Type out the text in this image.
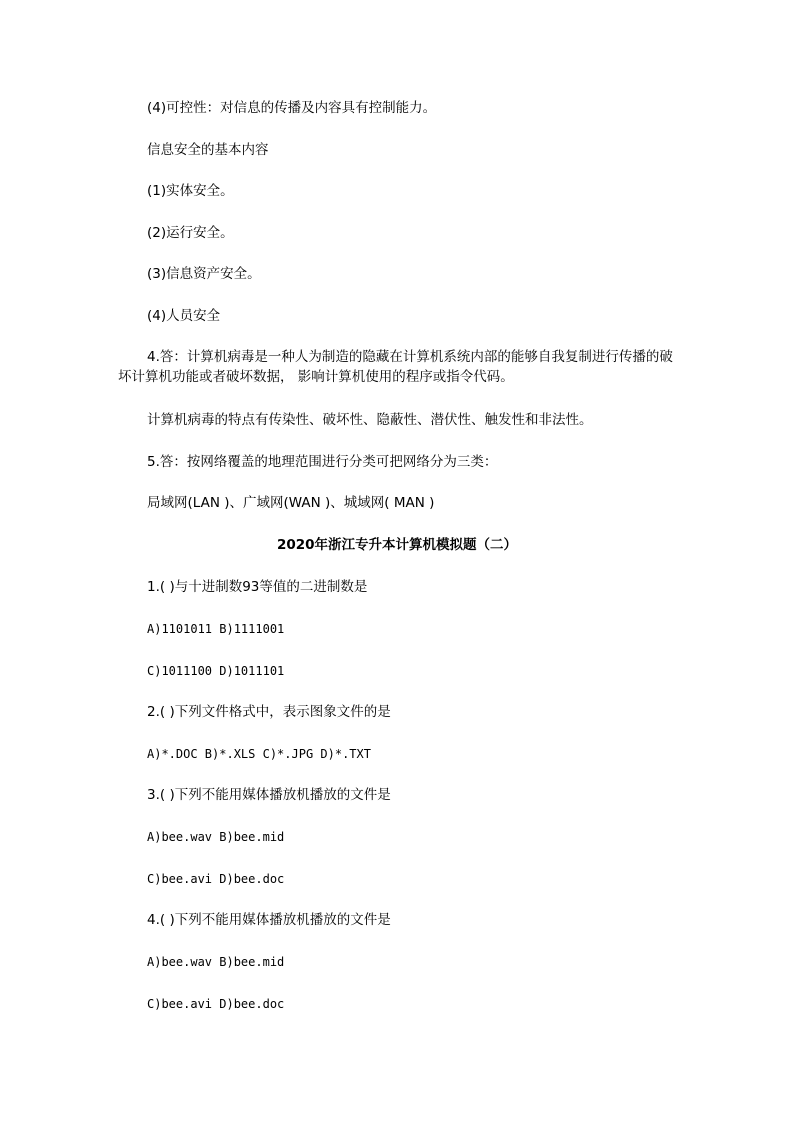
(4)可控性：对信息的传播及内容具有控制能力。
信息安全的基本内容
(1)实体安全。
(2)运行安全。
(3)信息资产安全。
(4)人员安全
4.答：计算机病毒是一种人为制造的隐藏在计算机系统内部的能够自我复制进行传播的破坏计算机功能或者破坏数据， 影响计算机使用的程序或指令代码。
计算机病毒的特点有传染性、破坏性、隐蔽性、潜伏性、触发性和非法性。
5.答：按网络覆盖的地理范围进行分类可把网络分为三类：
局域网(LAN )、广域网(WAN )、城域网( MAN )
2020年浙江专升本计算机模拟题（二）
1.( )与十进制数93等值的二进制数是
A)1101011 B)1111001
C)1011100 D)1011101
2.( )下列文件格式中，表示图象文件的是
A)*.DOC B)*.XLS C)*.JPG D)*.TXT
3.( )下列不能用媒体播放机播放的文件是
A)bee.wav B)bee.mid
C)bee.avi D)bee.doc
4.( )下列不能用媒体播放机播放的文件是
A)bee.wav B)bee.mid
C)bee.avi D)bee.doc
